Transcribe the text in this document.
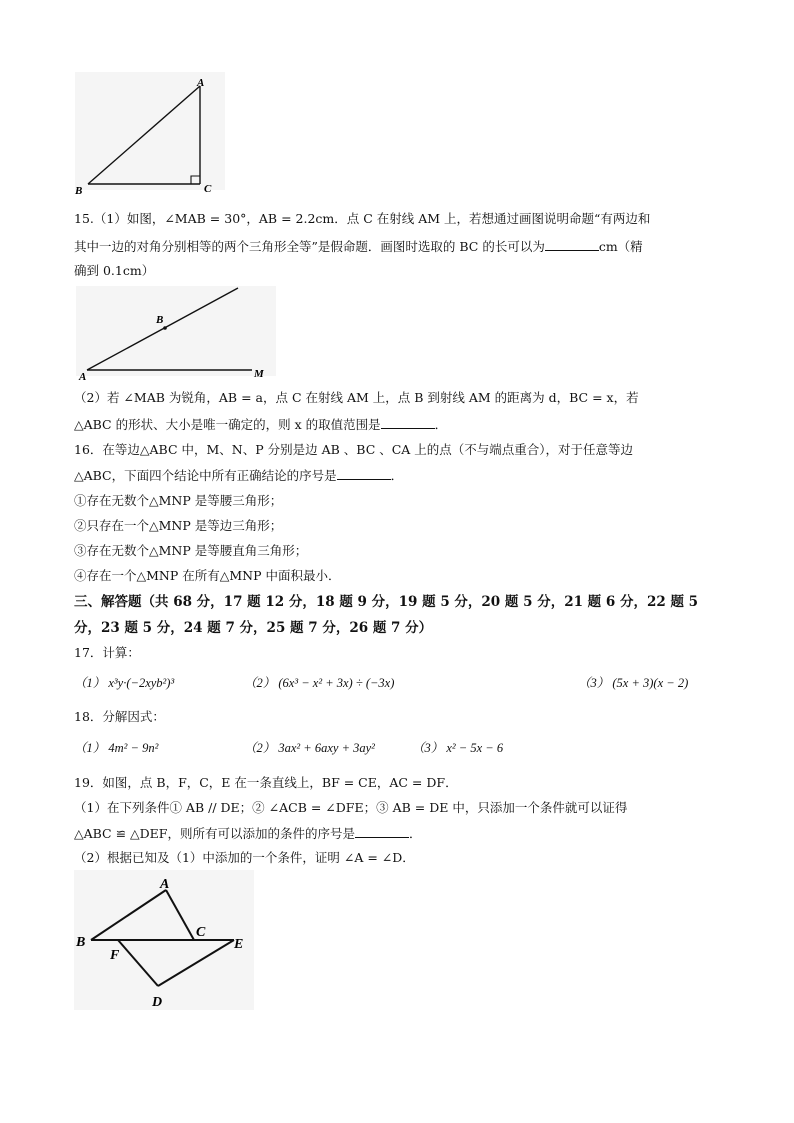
A
B	C
15.（1）如图，∠MAB = 30°，AB = 2.2cm．点 C 在射线 AM 上，若想通过画图说明命题“有两边和
其中一边的对角分别相等的两个三角形全等”是假命题．画图时选取的 BC 的长可以为	cm（精
确到 0.1cm）
B
A	M
（2）若 ∠MAB 为锐角，AB = a，点 C 在射线 AM 上，点 B 到射线 AM 的距离为 d，BC = x，若
△ABC 的形状、大小是唯一确定的，则 x 的取值范围是	．
16．在等边△ABC 中，M、N、P 分别是边 AB 、BC 、CA 上的点（不与端点重合），对于任意等边
△ABC，下面四个结论中所有正确结论的序号是	．
①存在无数个△MNP 是等腰三角形；
②只存在一个△MNP 是等边三角形；
③存在无数个△MNP 是等腰直角三角形；
④存在一个△MNP 在所有△MNP 中面积最小．
三、解答题（共 68 分，17 题 12 分，18 题 9 分，19 题 5 分，20 题 5 分，21 题 6 分，22 题 5
分，23 题 5 分，24 题 7 分，25 题 7 分，26 题 7 分）
17．计算：
（1） x³y·(−2xyb²)³	（2） (6x³ − x² + 3x) ÷ (−3x)	（3） (5x + 3)(x − 2)
18．分解因式：
（1） 4m² − 9n²	（2） 3ax² + 6axy + 3ay²	（3） x² − 5x − 6
19．如图，点 B，F，C，E 在一条直线上，BF = CE，AC = DF．
（1）在下列条件① AB // DE；② ∠ACB = ∠DFE；③ AB = DE 中，只添加一个条件就可以证得
△ABC ≌ △DEF，则所有可以添加的条件的序号是	．
（2）根据已知及（1）中添加的一个条件，证明 ∠A = ∠D．
A
B
C
E
F
D
